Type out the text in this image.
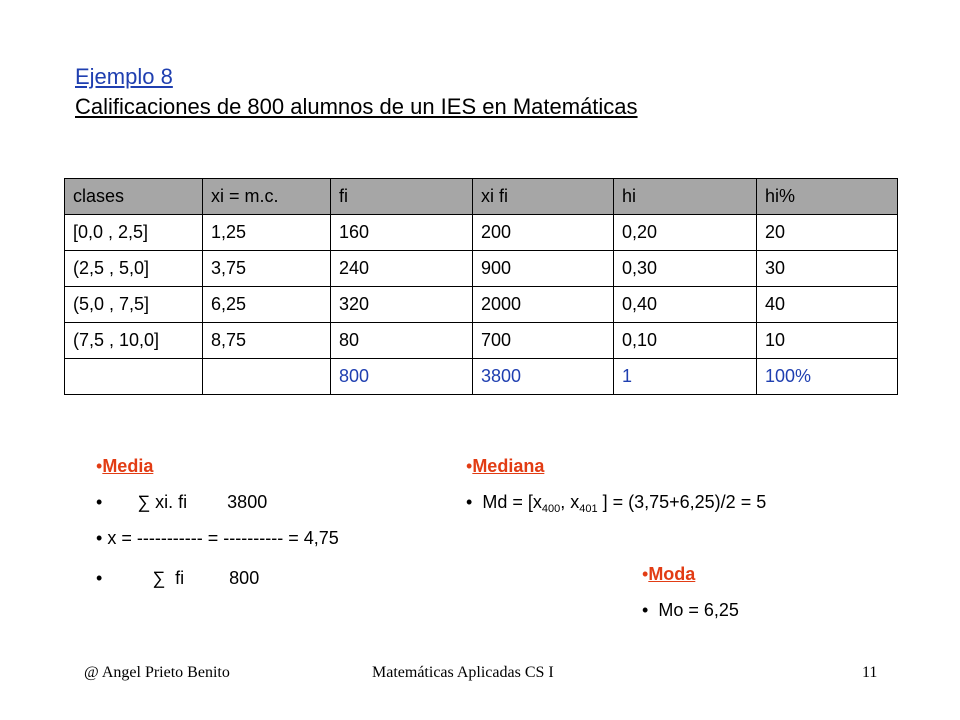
Ejemplo 8
Calificaciones de 800 alumnos de un IES en Matemáticas
clases	xi = m.c.	fi	xi fi	hi	hi%
[0,0 , 2,5]	1,25	160	200	0,20	20
(2,5 , 5,0]	3,75	240	900	0,30	30
(5,0 , 7,5]	6,25	320	2000	0,40	40
(7,5 , 10,0]	8,75	80	700	0,10	10
		800	3800	1	100%
•Media
• ∑ xi. fi        3800
• x = ----------- = ---------- = 4,75
•	∑  fi         800
•Mediana
• $Md = [x_{400}$, $x_{401}$ ] = (3,75+6,25)/2 = 5
•Moda
• Mo = 6,25
@ Angel Prieto Benito	Matemáticas Aplicadas CS I	11
